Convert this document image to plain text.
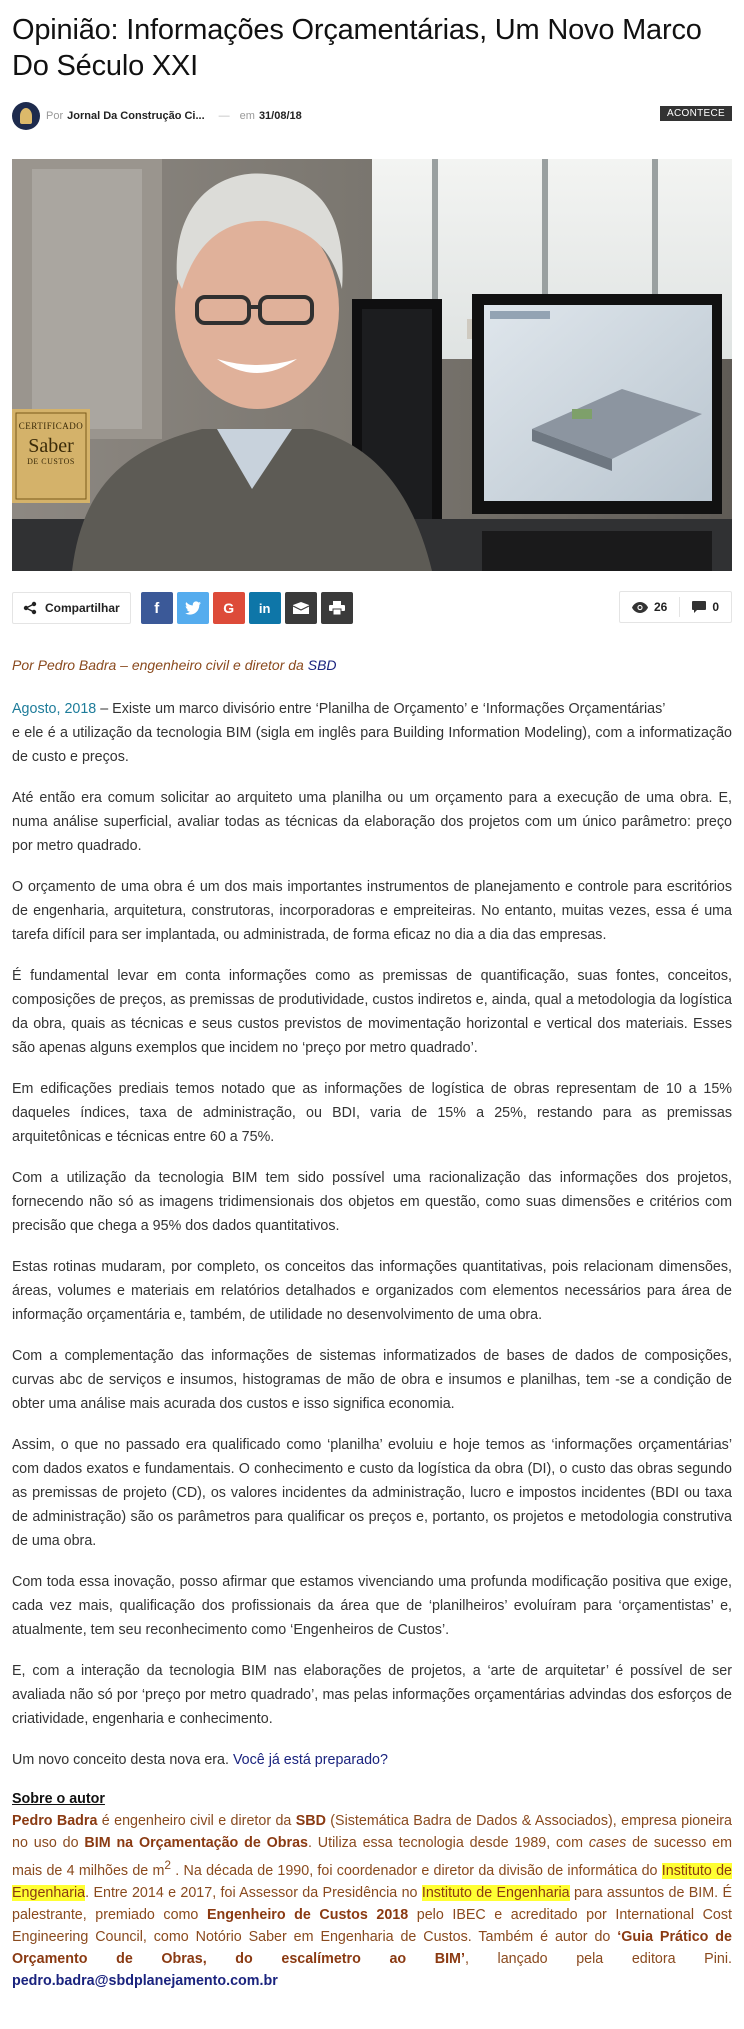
Opinião: Informações Orçamentárias, Um Novo Marco Do Século XXI
Por Jornal Da Construção Ci... — em 31/08/18	ACONTECE
CERTIFICADO
Saber
DE CUSTOS
Compartilhar	f	G	in	26	0
Por Pedro Badra – engenheiro civil e diretor da SBD

Agosto, 2018 – Existe um marco divisório entre ‘Planilha de Orçamento’ e ‘Informações Orçamentárias’
e ele é a utilização da tecnologia BIM (sigla em inglês para Building Information Modeling), com a informatização de custo e preços.

Até então era comum solicitar ao arquiteto uma planilha ou um orçamento para a execução de uma obra. E, numa análise superficial, avaliar todas as técnicas da elaboração dos projetos com um único parâmetro: preço por metro quadrado.

O orçamento de uma obra é um dos mais importantes instrumentos de planejamento e controle para escritórios de engenharia, arquitetura, construtoras, incorporadoras e empreiteiras. No entanto, muitas vezes, essa é uma tarefa difícil para ser implantada, ou administrada, de forma eficaz no dia a dia das empresas.

É fundamental levar em conta informações como as premissas de quantificação, suas fontes, conceitos, composições de preços, as premissas de produtividade, custos indiretos e, ainda, qual a metodologia da logística da obra, quais as técnicas e seus custos previstos de movimentação horizontal e vertical dos materiais. Esses são apenas alguns exemplos que incidem no ‘preço por metro quadrado’.

Em edificações prediais temos notado que as informações de logística de obras representam de 10 a 15% daqueles índices, taxa de administração, ou BDI, varia de 15% a 25%, restando para as premissas arquitetônicas e técnicas entre 60 a 75%.

Com a utilização da tecnologia BIM tem sido possível uma racionalização das informações dos projetos, fornecendo não só as imagens tridimensionais dos objetos em questão, como suas dimensões e critérios com precisão que chega a 95% dos dados quantitativos.

Estas rotinas mudaram, por completo, os conceitos das informações quantitativas, pois relacionam dimensões, áreas, volumes e materiais em relatórios detalhados e organizados com elementos necessários para área de informação orçamentária e, também, de utilidade no desenvolvimento de uma obra.

Com a complementação das informações de sistemas informatizados de bases de dados de composições, curvas abc de serviços e insumos, histogramas de mão de obra e insumos e planilhas, tem -se a condição de obter uma análise mais acurada dos custos e isso significa economia.

Assim, o que no passado era qualificado como ‘planilha’ evoluiu e hoje temos as ‘informações orçamentárias’ com dados exatos e fundamentais. O conhecimento e custo da logística da obra (DI), o custo das obras segundo as premissas de projeto (CD), os valores incidentes da administração, lucro e impostos incidentes (BDI ou taxa de administração) são os parâmetros para qualificar os preços e, portanto, os projetos e metodologia construtiva de uma obra.

Com toda essa inovação, posso afirmar que estamos vivenciando uma profunda modificação positiva que exige, cada vez mais, qualificação dos profissionais da área que de ‘planilheiros’ evoluíram para ‘orçamentistas’ e, atualmente, tem seu reconhecimento como ‘Engenheiros de Custos’.

E, com a interação da tecnologia BIM nas elaborações de projetos, a ‘arte de arquitetar’ é possível de ser avaliada não só por ‘preço por metro quadrado’, mas pelas informações orçamentárias advindas dos esforços de criatividade, engenharia e conhecimento.

Um novo conceito desta nova era. Você já está preparado?

Sobre o autor

Pedro Badra é engenheiro civil e diretor da SBD (Sistemática Badra de Dados & Associados), empresa pioneira no uso do BIM na Orçamentação de Obras. Utiliza essa tecnologia desde 1989, com cases de sucesso em mais de 4 milhões de $m^2$ . Na década de 1990, foi coordenador e diretor da divisão de informática do Instituto de Engenharia. Entre 2014 e 2017, foi Assessor da Presidência no Instituto de Engenharia para assuntos de BIM. É palestrante, premiado como Engenheiro de Custos 2018 pelo IBEC e acreditado por International Cost Engineering Council, como Notório Saber em Engenharia de Custos. Também é autor do ‘Guia Prático de Orçamento de Obras, do escalímetro ao BIM’, lançado pela editora Pini. pedro.badra@sbdplanejamento.com.br
